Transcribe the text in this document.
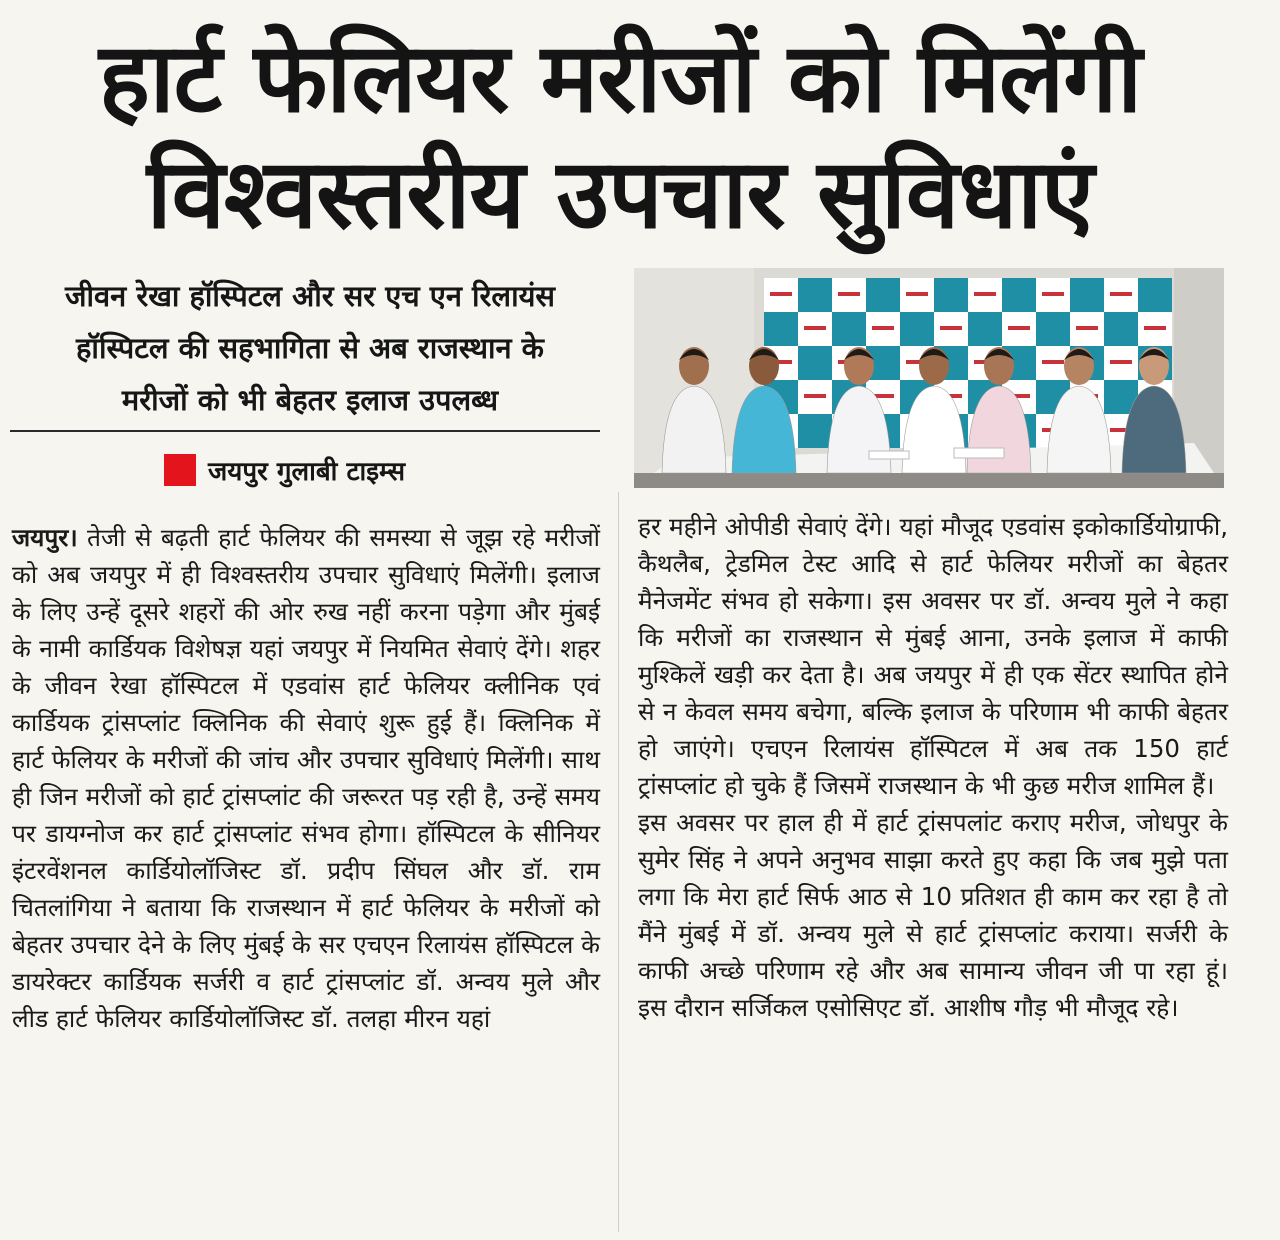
हार्ट फेलियर मरीजों को मिलेंगी
विश्वस्तरीय उपचार सुविधाएं
जीवन रेखा हॉस्पिटल और सर एच एन रिलायंस
हॉस्पिटल की सहभागिता से अब राजस्थान के
मरीजों को भी बेहतर इलाज उपलब्ध
जयपुर गुलाबी टाइम्स

जयपुर। तेजी से बढ़ती हार्ट फेलियर की समस्या से जूझ रहे मरीजों को अब जयपुर में ही विश्वस्तरीय उपचार सुविधाएं मिलेंगी। इलाज के लिए उन्हें दूसरे शहरों की ओर रुख नहीं करना पड़ेगा और मुंबई के नामी कार्डियक विशेषज्ञ यहां जयपुर में नियमित सेवाएं देंगे। शहर के जीवन रेखा हॉस्पिटल में एडवांस हार्ट फेलियर क्लीनिक एवं कार्डियक ट्रांसप्लांट क्लिनिक की सेवाएं शुरू हुई हैं। क्लिनिक में हार्ट फेलियर के मरीजों की जांच और उपचार सुविधाएं मिलेंगी। साथ ही जिन मरीजों को हार्ट ट्रांसप्लांट की जरूरत पड़ रही है, उन्हें समय पर डायग्नोज कर हार्ट ट्रांसप्लांट संभव होगा। हॉस्पिटल के सीनियर इंटरवेंशनल कार्डियोलॉजिस्ट डॉ. प्रदीप सिंघल और डॉ. राम चितलांगिया ने बताया कि राजस्थान में हार्ट फेलियर के मरीजों को बेहतर उपचार देने के लिए मुंबई के सर एचएन रिलायंस हॉस्पिटल के डायरेक्टर कार्डियक सर्जरी व हार्ट ट्रांसप्लांट डॉ. अन्वय मुले और लीड हार्ट फेलियर कार्डियोलॉजिस्ट डॉ. तलहा मीरन यहां

हर महीने ओपीडी सेवाएं देंगे। यहां मौजूद एडवांस इकोकार्डियोग्राफी, कैथलैब, ट्रेडमिल टेस्ट आदि से हार्ट फेलियर मरीजों का बेहतर मैनेजमेंट संभव हो सकेगा। इस अवसर पर डॉ. अन्वय मुले ने कहा कि मरीजों का राजस्थान से मुंबई आना, उनके इलाज में काफी मुश्किलें खड़ी कर देता है। अब जयपुर में ही एक सेंटर स्थापित होने से न केवल समय बचेगा, बल्कि इलाज के परिणाम भी काफी बेहतर हो जाएंगे। एचएन रिलायंस हॉस्पिटल में अब तक 150 हार्ट ट्रांसप्लांट हो चुके हैं जिसमें राजस्थान के भी कुछ मरीज शामिल हैं।

इस अवसर पर हाल ही में हार्ट ट्रांसपलांट कराए मरीज, जोधपुर के सुमेर सिंह ने अपने अनुभव साझा करते हुए कहा कि जब मुझे पता लगा कि मेरा हार्ट सिर्फ आठ से 10 प्रतिशत ही काम कर रहा है तो मैंने मुंबई में डॉ. अन्वय मुले से हार्ट ट्रांसप्लांट कराया। सर्जरी के काफी अच्छे परिणाम रहे और अब सामान्य जीवन जी पा रहा हूं। इस दौरान सर्जिकल एसोसिएट डॉ. आशीष गौड़ भी मौजूद रहे।
